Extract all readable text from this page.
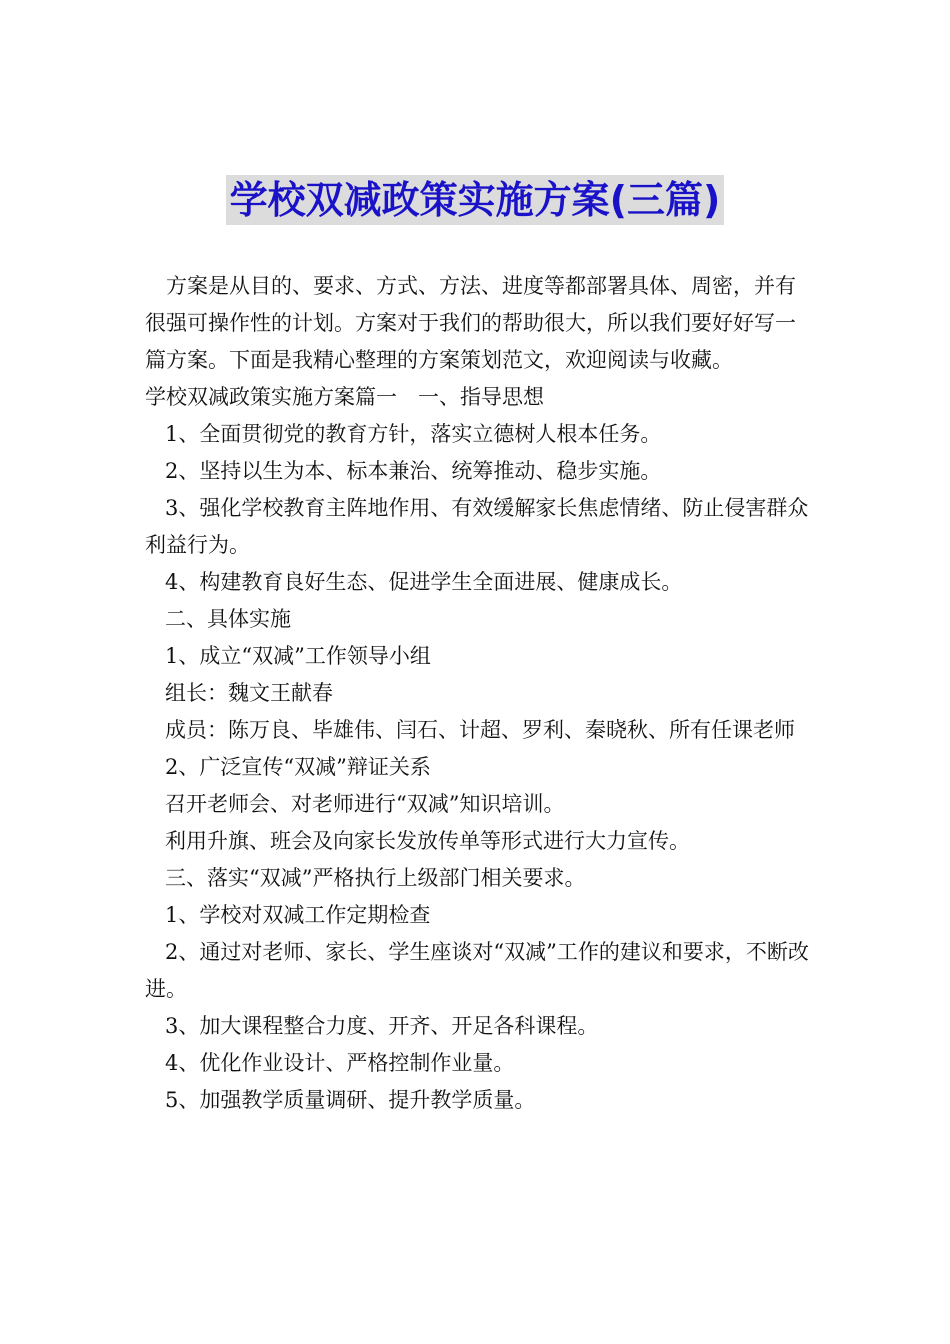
学校双减政策实施方案(三篇)

方案是从目的、要求、方式、方法、进度等都部署具体、周密，并有很强可操作性的计划。方案对于我们的帮助很大，所以我们要好好写一篇方案。下面是我精心整理的方案策划范文，欢迎阅读与收藏。

学校双减政策实施方案篇一　一、指导思想

1、全面贯彻党的教育方针，落实立德树人根本任务。

2、坚持以生为本、标本兼治、统筹推动、稳步实施。

3、强化学校教育主阵地作用、有效缓解家长焦虑情绪、防止侵害群众利益行为。

4、构建教育良好生态、促进学生全面进展、健康成长。

二、具体实施

1、成立“双减”工作领导小组

组长：魏文王献春

成员：陈万良、毕雄伟、闫石、计超、罗利、秦晓秋、所有任课老师

2、广泛宣传“双减”辩证关系

召开老师会、对老师进行“双减”知识培训。

利用升旗、班会及向家长发放传单等形式进行大力宣传。

三、落实“双减”严格执行上级部门相关要求。

1、学校对双减工作定期检查

2、通过对老师、家长、学生座谈对“双减”工作的建议和要求，不断改进。

3、加大课程整合力度、开齐、开足各科课程。

4、优化作业设计、严格控制作业量。

5、加强教学质量调研、提升教学质量。
